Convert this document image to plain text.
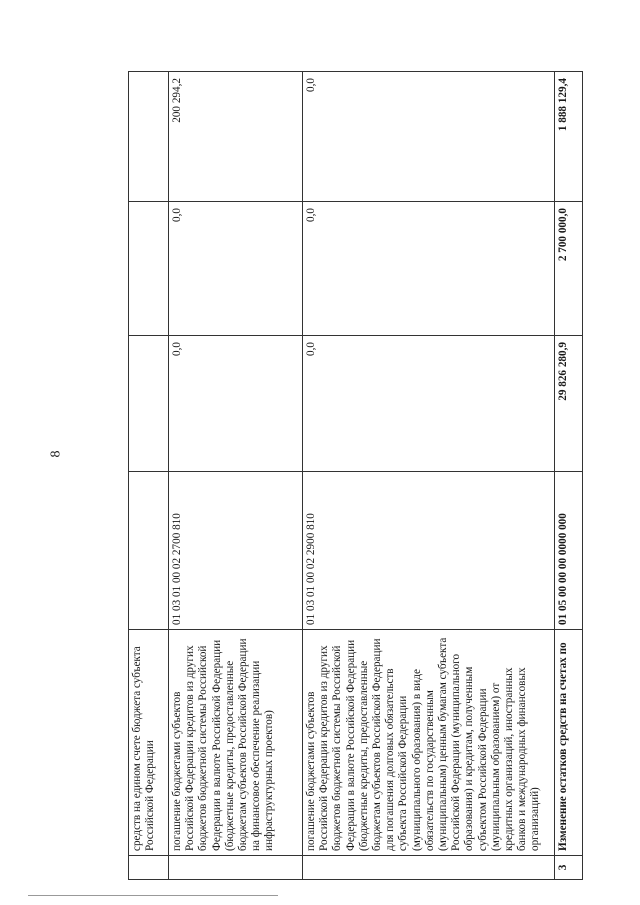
8
	средств на едином счете бюджета субъекта Российской Федерации				
	погашение бюджетами субъектов Российской Федерации кредитов из других бюджетов бюджетной системы Российской Федерации в валюте Российской Федерации (бюджетные кредиты, предоставленные бюджетам субъектов Российской Федерации на финансовое обеспечение реализации инфраструктурных проектов)	01 03 01 00 02 2700 810	0,0	0,0	200 294,2
	погашение бюджетами субъектов Российской Федерации кредитов из других бюджетов бюджетной системы Российской Федерации в валюте Российской Федерации (бюджетные кредиты, предоставленные бюджетам субъектов Российской Федерации для погашения долговых обязательств субъекта Российской Федерации (муниципального образования) в виде обязательств по государственным (муниципальным) ценным бумагам субъекта Российской Федерации (муниципального образования) и кредитам, полученным субъектом Российской Федерации (муниципальным образованием) от кредитных организаций, иностранных банков и международных финансовых организаций)	01 03 01 00 02 2900 810	0,0	0,0	0,0
3	Изменение остатков средств на счетах по	01 05 00 00 00 0000 000	29 826 280,9	2 700 000,0	1 888 129,4
